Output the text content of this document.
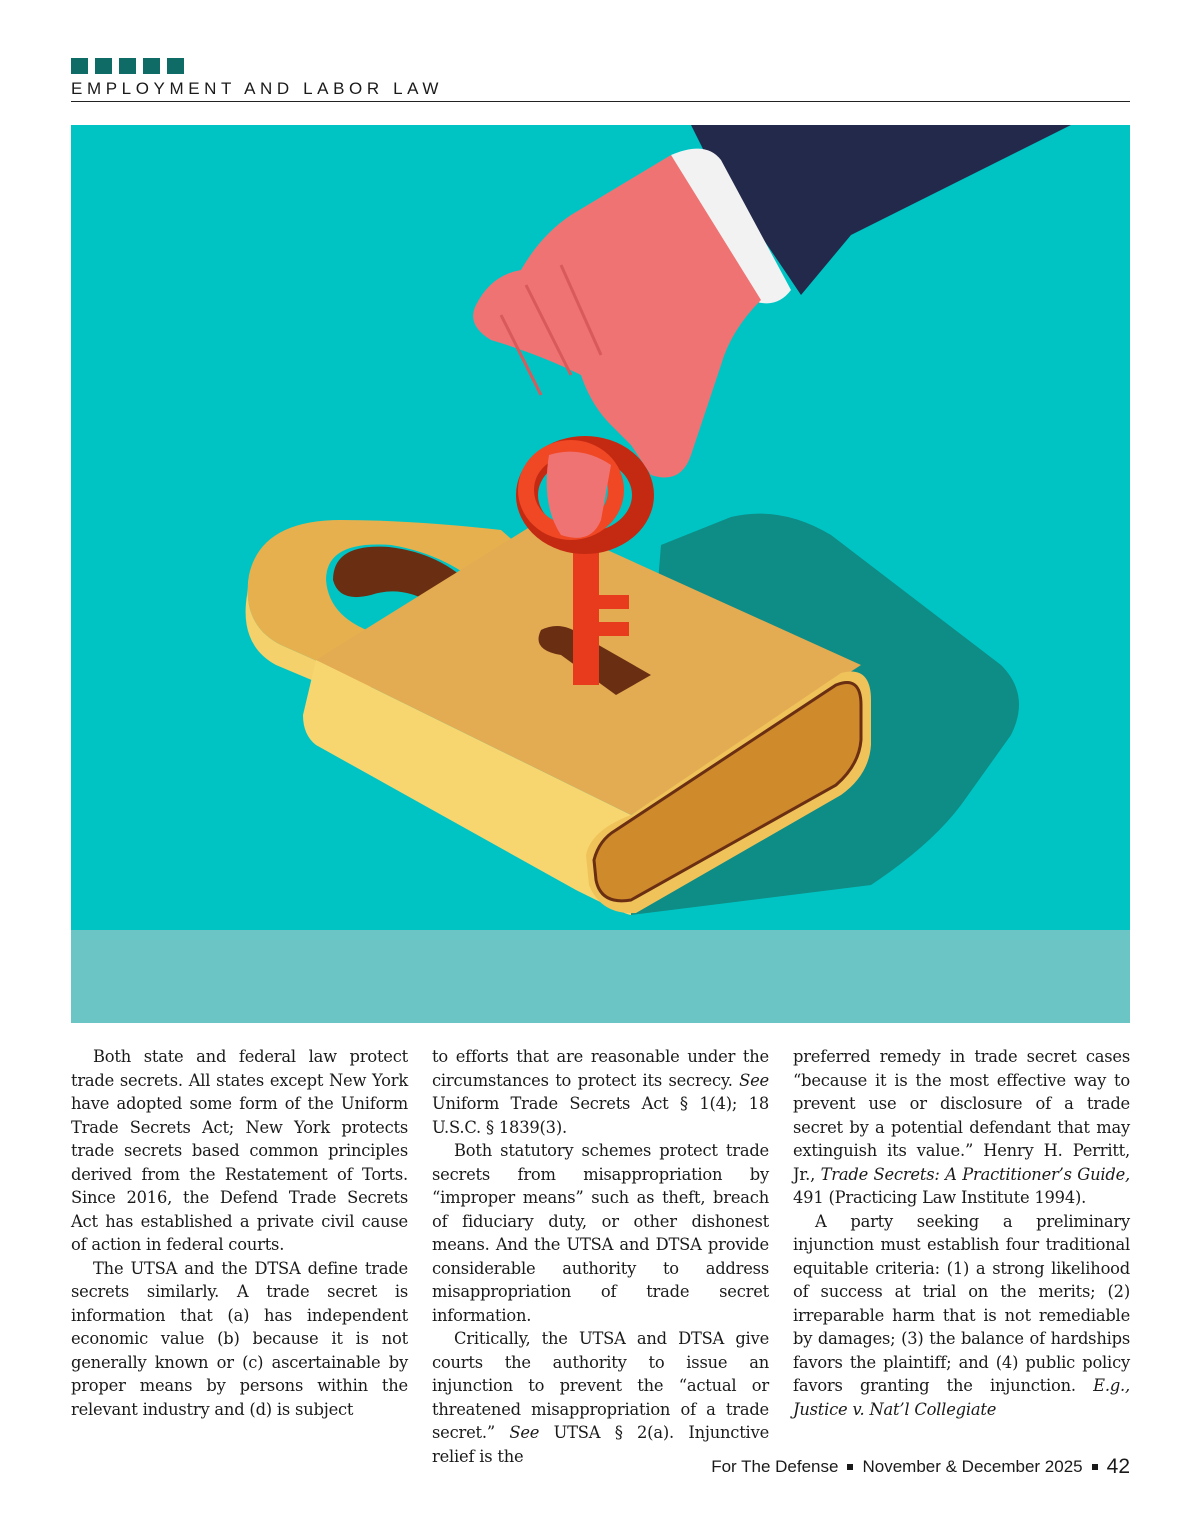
EMPLOYMENT AND LABOR LAW

Both state and federal law protect trade secrets. All states except New York have adopted some form of the Uniform Trade Secrets Act; New York protects trade secrets based common principles derived from the Restatement of Torts. Since 2016, the Defend Trade Secrets Act has established a private civil cause of action in federal courts.

The UTSA and the DTSA define trade secrets similarly. A trade secret is information that (a) has independent economic value (b) because it is not generally known or (c) ascertainable by proper means by persons within the relevant industry and (d) is subject

to efforts that are reasonable under the circumstances to protect its secrecy. See Uniform Trade Secrets Act § 1(4); 18 U.S.C. § 1839(3).

Both statutory schemes protect trade secrets from misappropriation by “improper means” such as theft, breach of fiduciary duty, or other dishonest means. And the UTSA and DTSA provide considerable authority to address misappropriation of trade secret information.

Critically, the UTSA and DTSA give courts the authority to issue an injunction to prevent the “actual or threatened misappropriation of a trade secret.” See UTSA § 2(a). Injunctive relief is the

preferred remedy in trade secret cases “because it is the most effective way to prevent use or disclosure of a trade secret by a potential defendant that may extinguish its value.” Henry H. Perritt, Jr., Trade Secrets: A Practitioner’s Guide, 491 (Practicing Law Institute 1994).

A party seeking a preliminary injunction must establish four traditional equitable criteria: (1) a strong likelihood of success at trial on the merits; (2) irreparable harm that is not remediable by damages; (3) the balance of hardships favors the plaintiff; and (4) public policy favors granting the injunction. E.g., Justice v. Nat’l Collegiate

For The Defense November & December 2025 42
